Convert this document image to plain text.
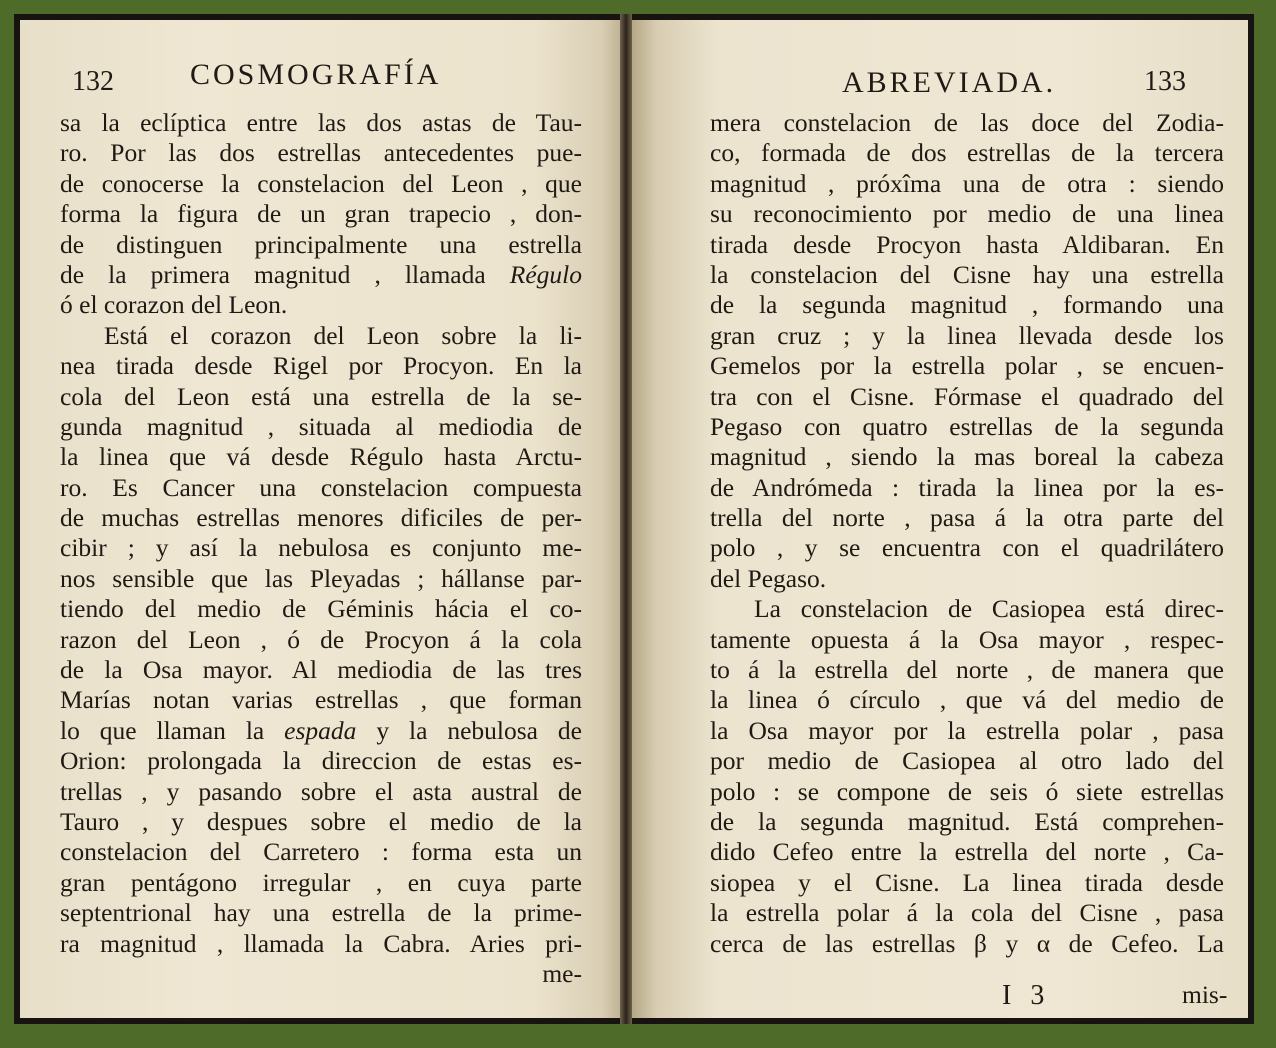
132	COSMOGRAFÍA
sa la eclíptica entre las dos astas de Tau-
ro. Por las dos estrellas antecedentes pue-
de conocerse la constelacion del Leon , que
forma la figura de un gran trapecio , don-
de distinguen principalmente una estrella
de la primera magnitud , llamada Régulo
ó el corazon del Leon.
Está el corazon del Leon sobre la li-
nea tirada desde Rigel por Procyon. En la
cola del Leon está una estrella de la se-
gunda magnitud , situada al mediodia de
la linea que vá desde Régulo hasta Arctu-
ro. Es Cancer una constelacion compuesta
de muchas estrellas menores dificiles de per-
cibir ; y así la nebulosa es conjunto me-
nos sensible que las Pleyadas ; hállanse par-
tiendo del medio de Géminis hácia el co-
razon del Leon , ó de Procyon á la cola
de la Osa mayor. Al mediodia de las tres
Marías notan varias estrellas , que forman
lo que llaman la espada y la nebulosa de
Orion: prolongada la direccion de estas es-
trellas , y pasando sobre el asta austral de
Tauro , y despues sobre el medio de la
constelacion del Carretero : forma esta un
gran pentágono irregular , en cuya parte
septentrional hay una estrella de la prime-
ra magnitud , llamada la Cabra. Aries pri-
me-
ABREVIADA.	133
mera constelacion de las doce del Zodia-
co, formada de dos estrellas de la tercera
magnitud , próxîma una de otra : siendo
su reconocimiento por medio de una linea
tirada desde Procyon hasta Aldibaran. En
la constelacion del Cisne hay una estrella
de la segunda magnitud , formando una
gran cruz ; y la linea llevada desde los
Gemelos por la estrella polar , se encuen-
tra con el Cisne. Fórmase el quadrado del
Pegaso con quatro estrellas de la segunda
magnitud , siendo la mas boreal la cabeza
de Andrómeda : tirada la linea por la es-
trella del norte , pasa á la otra parte del
polo , y se encuentra con el quadrilátero
del Pegaso.
La constelacion de Casiopea está direc-
tamente opuesta á la Osa mayor , respec-
to á la estrella del norte , de manera que
la linea ó círculo , que vá del medio de
la Osa mayor por la estrella polar , pasa
por medio de Casiopea al otro lado del
polo : se compone de seis ó siete estrellas
de la segunda magnitud. Está comprehen-
dido Cefeo entre la estrella del norte , Ca-
siopea y el Cisne. La linea tirada desde
la estrella polar á la cola del Cisne , pasa
cerca de las estrellas β y α de Cefeo. La
I 3	mis-
